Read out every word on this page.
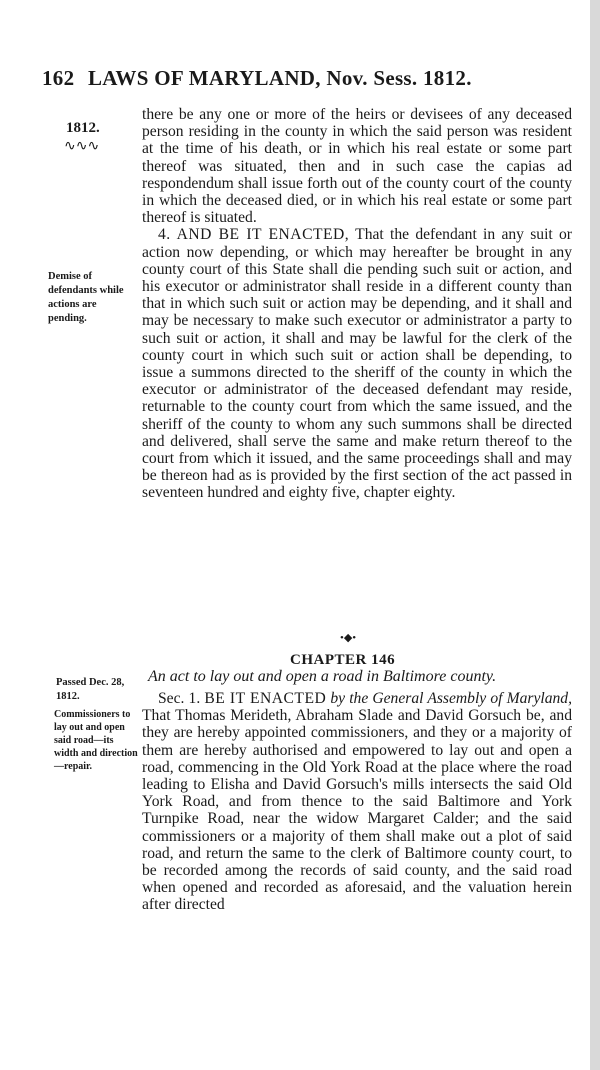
162 LAWS OF MARYLAND, Nov. Sess. 1812.
1812.
∿∿∿

there be any one or more of the heirs or devisees of any deceased person residing in the county in which the said person was resident at the time of his death, or in which his real estate or some part thereof was situated, then and in such case the capias ad respondendum shall issue forth out of the county court of the county in which the deceased died, or in which his real estate or some part thereof is situated.

4. AND BE IT ENACTED, That the defendant in any suit or action now depending, or which may hereafter be brought in any county court of this State shall die pending such suit or action, and his executor or administrator shall reside in a different county than that in which such suit or action may be depending, and it shall and may be necessary to make such executor or administrator a party to such suit or action, it shall and may be lawful for the clerk of the county court in which such suit or action shall be depending, to issue a summons directed to the sheriff of the county in which the executor or administrator of the deceased defendant may reside, returnable to the county court from which the same issued, and the sheriff of the county to whom any such summons shall be directed and delivered, shall serve the same and make return thereof to the court from which it issued, and the same proceedings shall and may be thereon had as is provided by the first section of the act passed in seventeen hundred and eighty five, chapter eighty.

Demise of defendants while actions are pending.
•◆•
CHAPTER 146
Passed Dec. 28, 1812.
Commissioners to lay out and open said road—its width and direction—repair.
An act to lay out and open a road in Baltimore county.

Sec. 1. BE IT ENACTED by the General Assembly of Maryland, That Thomas Merideth, Abraham Slade and David Gorsuch be, and they are hereby appointed commissioners, and they or a majority of them are hereby authorised and empowered to lay out and open a road, commencing in the Old York Road at the place where the road leading to Elisha and David Gorsuch's mills intersects the said Old York Road, and from thence to the said Baltimore and York Turnpike Road, near the widow Margaret Calder; and the said commissioners or a majority of them shall make out a plot of said road, and return the same to the clerk of Baltimore county court, to be recorded among the records of said county, and the said road when opened and recorded as aforesaid, and the valuation herein after directed
